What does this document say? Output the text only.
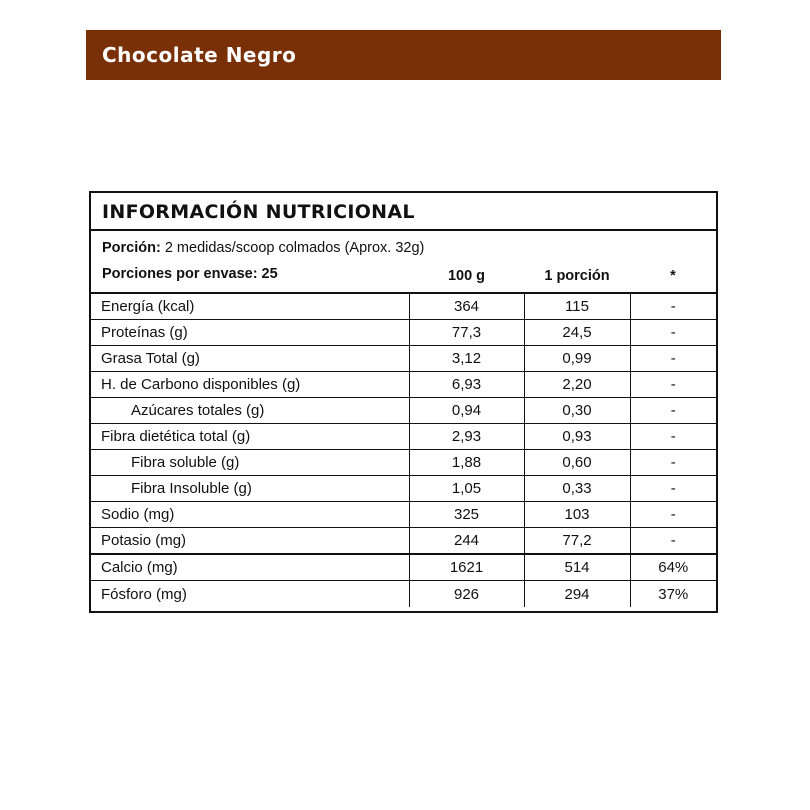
Chocolate Negro
INFORMACIÓN NUTRICIONAL
Porción: 2 medidas/scoop colmados (Aprox. 32g)
Porciones por envase: 25	100 g	1 porción	*
Energía (kcal)	364	115	-
Proteínas (g)	77,3	24,5	-
Grasa Total (g)	3,12	0,99	-
H. de Carbono disponibles (g)	6,93	2,20	-
Azúcares totales (g)	0,94	0,30	-
Fibra dietética total (g)	2,93	0,93	-
Fibra soluble (g)	1,88	0,60	-
Fibra Insoluble (g)	1,05	0,33	-
Sodio (mg)	325	103	-
Potasio (mg)	244	77,2	-
Calcio (mg)	1621	514	64%
Fósforo (mg)	926	294	37%
